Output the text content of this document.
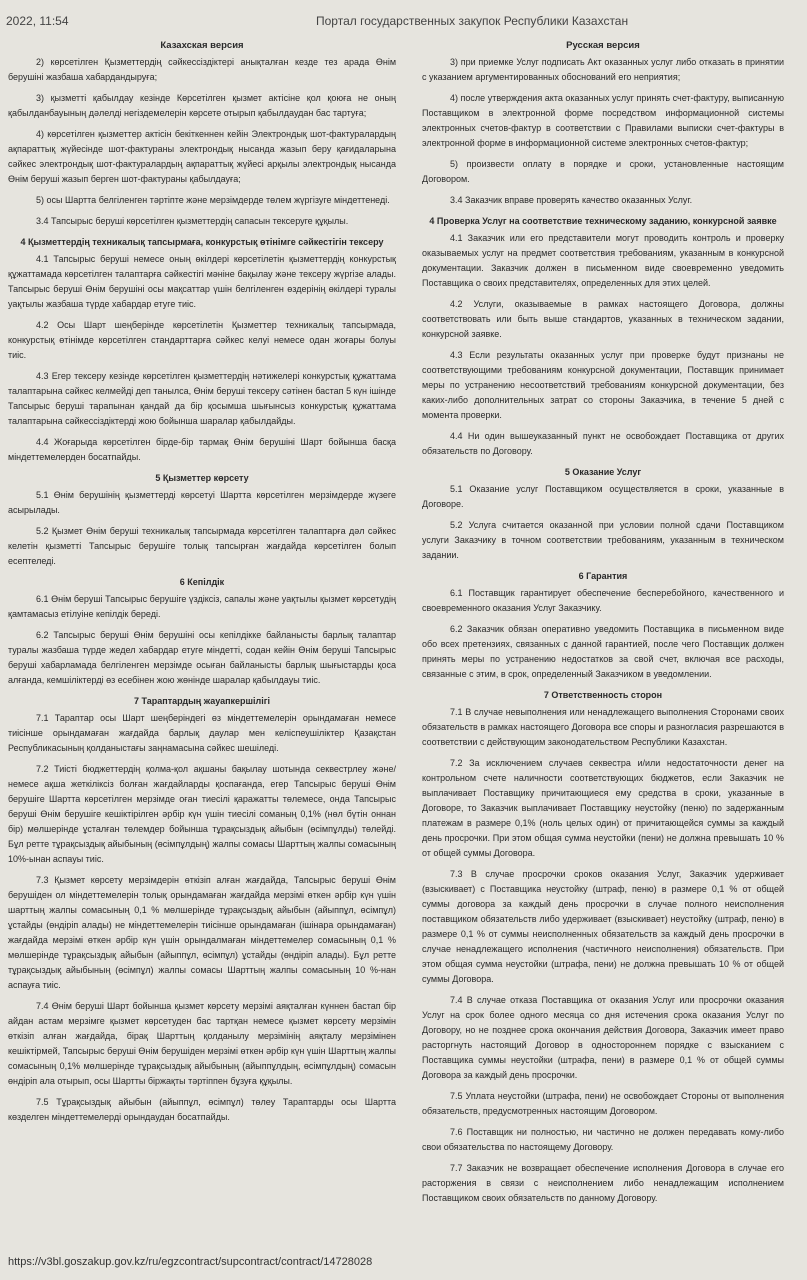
2022, 11:54	Портал государственных закупок Республики Казахстан
Казахская версия

2) көрсетілген Қызметтердің сәйкессіздіктері анықталған кезде тез арада Өнім берушіні жазбаша хабардандыруға;

3) қызметті қабылдау кезінде Көрсетілген қызмет актісіне қол қоюға не оның қабылданбауының дәлелді негіздемелерін көрсете отырып қабылдаудан бас тартуға;

4) көрсетілген қызметтер актісін бекіткеннен кейін Электрондық шот-фактуралардың ақпараттық жүйесінде шот-фактураны электрондық нысанда жазып беру қағидаларына сәйкес электрондық шот-фактуралардың ақпараттық жүйесі арқылы электрондық нысанда Өнім беруші жазып берген шот-фактураны қабылдауға;

5) осы Шартта белгіленген тәртіпте және мерзімдерде төлем жүргізуге міндеттенеді.

3.4 Тапсырыс беруші көрсетілген қызметтердің сапасын тексеруге құқылы.

4 Қызметтердің техникалық тапсырмаға, конкурстық өтінімге сәйкестігін тексеру

4.1 Тапсырыс беруші немесе оның өкілдері көрсетілетін қызметтердің конкурстық құжаттамада көрсетілген талаптарға сәйкестігі мәніне бақылау және тексеру жүргізе алады. Тапсырыс беруші Өнім берушіні осы мақсаттар үшін белгіленген өздерінің өкілдері туралы уақтылы жазбаша түрде хабардар етуге тиіс.

4.2 Осы Шарт шеңберінде көрсетілетін Қызметтер техникалық тапсырмада, конкурстық өтінімде көрсетілген стандарттарға сәйкес келуі немесе одан жоғары болуы тиіс.

4.3 Егер тексеру кезінде көрсетілген қызметтердің нәтижелері конкурстық құжаттама талаптарына сәйкес келмейді деп танылса, Өнім беруші тексеру сәтінен бастап 5 күн ішінде Тапсырыс беруші тарапынан қандай да бір қосымша шығынсыз конкурстық құжаттама талаптарына сәйкессіздіктерді жою бойынша шаралар қабылдайды.

4.4 Жоғарыда көрсетілген бірде-бір тармақ Өнім берушіні Шарт бойынша басқа міндеттемелерден босатпайды.

5 Қызметтер көрсету

5.1 Өнім берушінің қызметтерді көрсетуі Шартта көрсетілген мерзімдерде жүзеге асырылады.

5.2 Қызмет Өнім беруші техникалық тапсырмада көрсетілген талаптарға дәл сәйкес келетін қызметті Тапсырыс берушіге толық тапсырған жағдайда көрсетілген болып есептеледі.

6 Кепілдік

6.1 Өнім беруші Тапсырыс берушіге үздіксіз, сапалы және уақтылы қызмет көрсетудің қамтамасыз етілуіне кепілдік береді.

6.2 Тапсырыс беруші Өнім берушіні осы кепілдікке байланысты барлық талаптар туралы жазбаша түрде жедел хабардар етуге міндетті, содан кейін Өнім беруші Тапсырыс беруші хабарламада белгіленген мерзімде осыған байланысты барлық шығыстарды қоса алғанда, кемшіліктерді өз есебінен жою жөнінде шаралар қабылдауы тиіс.

7 Тараптардың жауапкершілігі

7.1 Тараптар осы Шарт шеңберіндегі өз міндеттемелерін орындамаған немесе тиісінше орындамаған жағдайда барлық даулар мен келіспеушіліктер Қазақстан Республикасының қолданыстағы заңнамасына сәйкес шешіледі.

7.2 Тиісті бюджеттердің қолма-қол ақшаны бақылау шотында секвестрлеу және/немесе ақша жеткіліксіз болған жағдайларды қоспағанда, егер Тапсырыс беруші Өнім берушіге Шартта көрсетілген мерзімде оған тиесілі қаражатты төлемесе, онда Тапсырыс беруші Өнім берушіге кешіктірілген әрбір күн үшін тиесілі соманың 0,1% (нөл бүтін оннан бір) мөлшерінде ұсталған төлемдер бойынша тұрақсыздық айыбын (өсімпұлды) төлейді. Бұл ретте тұрақсыздық айыбының (өсімпұлдың) жалпы сомасы Шарттың жалпы сомасының 10%-ынан аспауы тиіс.

7.3 Қызмет көрсету мерзімдерін өткізіп алған жағдайда, Тапсырыс беруші Өнім берушіден ол міндеттемелерін толық орындамаған жағдайда мерзімі өткен әрбір күн үшін шарттың жалпы сомасының 0,1 % мөлшерінде тұрақсыздық айыбын (айыппұл, өсімпұл) ұстайды (өндіріп алады) не міндеттемелерін тиісінше орындамаған (ішінара орындамаған) жағдайда мерзімі өткен әрбір күн үшін орындалмаған міндеттемелер сомасының 0,1 % мөлшерінде тұрақсыздық айыбын (айыппұл, өсімпұл) ұстайды (өндіріп алады). Бұл ретте тұрақсыздық айыбының (өсімпұл) жалпы сомасы Шарттың жалпы сомасының 10 %-нан аспауға тиіс.

7.4 Өнім беруші Шарт бойынша қызмет көрсету мерзімі аяқталған күннен бастап бір айдан астам мерзімге қызмет көрсетуден бас тартқан немесе қызмет көрсету мерзімін өткізіп алған жағдайда, бірақ Шарттың қолданылу мерзімінің аяқталу мерзімінен кешіктірмей, Тапсырыс беруші Өнім берушіден мерзімі өткен әрбір күн үшін Шарттың жалпы сомасының 0,1% мөлшерінде тұрақсыздық айыбының (айыппұлдың, өсімпұлдың) сомасын өндіріп ала отырып, осы Шартты біржақты тәртіппен бұзуға құқылы.

7.5 Тұрақсыздық айыбын (айыппұл, өсімпұл) төлеу Тараптарды осы Шартта көзделген міндеттемелерді орындаудан босатпайды.

Русская версия

3) при приемке Услуг подписать Акт оказанных услуг либо отказать в принятии с указанием аргументированных обоснований его неприятия;

4) после утверждения акта оказанных услуг принять счет-фактуру, выписанную Поставщиком в электронной форме посредством информационной системы электронных счетов-фактур в соответствии с Правилами выписки счет-фактуры в электронной форме в информационной системе электронных счетов-фактур;

5) произвести оплату в порядке и сроки, установленные настоящим Договором.

3.4 Заказчик вправе проверять качество оказанных Услуг.

4 Проверка Услуг на соответствие техническому заданию, конкурсной заявке

4.1 Заказчик или его представители могут проводить контроль и проверку оказываемых услуг на предмет соответствия требованиям, указанным в конкурсной документации. Заказчик должен в письменном виде своевременно уведомить Поставщика о своих представителях, определенных для этих целей.

4.2 Услуги, оказываемые в рамках настоящего Договора, должны соответствовать или быть выше стандартов, указанных в техническом задании, конкурсной заявке.

4.3 Если результаты оказанных услуг при проверке будут признаны не соответствующими требованиям конкурсной документации, Поставщик принимает меры по устранению несоответствий требованиям конкурсной документации, без каких-либо дополнительных затрат со стороны Заказчика, в течение 5 дней с момента проверки.

4.4 Ни один вышеуказанный пункт не освобождает Поставщика от других обязательств по Договору.

5 Оказание Услуг

5.1 Оказание услуг Поставщиком осуществляется в сроки, указанные в Договоре.

5.2 Услуга считается оказанной при условии полной сдачи Поставщиком услуги Заказчику в точном соответствии требованиям, указанным в техническом задании.

6 Гарантия

6.1 Поставщик гарантирует обеспечение бесперебойного, качественного и своевременного оказания Услуг Заказчику.

6.2 Заказчик обязан оперативно уведомить Поставщика в письменном виде обо всех претензиях, связанных с данной гарантией, после чего Поставщик должен принять меры по устранению недостатков за свой счет, включая все расходы, связанные с этим, в срок, определенный Заказчиком в уведомлении.

7 Ответственность сторон

7.1 В случае невыполнения или ненадлежащего выполнения Сторонами своих обязательств в рамках настоящего Договора все споры и разногласия разрешаются в соответствии с действующим законодательством Республики Казахстан.

7.2 За исключением случаев секвестра и/или недостаточности денег на контрольном счете наличности соответствующих бюджетов, если Заказчик не выплачивает Поставщику причитающиеся ему средства в сроки, указанные в Договоре, то Заказчик выплачивает Поставщику неустойку (пеню) по задержанным платежам в размере 0,1% (ноль целых один) от причитающейся суммы за каждый день просрочки. При этом общая сумма неустойки (пени) не должна превышать 10 % от общей суммы Договора.

7.3 В случае просрочки сроков оказания Услуг, Заказчик удерживает (взыскивает) с Поставщика неустойку (штраф, пеню) в размере 0,1 % от общей суммы договора за каждый день просрочки в случае полного неисполнения поставщиком обязательств либо удерживает (взыскивает) неустойку (штраф, пеню) в размере 0,1 % от суммы неисполненных обязательств за каждый день просрочки в случае ненадлежащего исполнения (частичного неисполнения) обязательств. При этом общая сумма неустойки (штрафа, пени) не должна превышать 10 % от общей суммы Договора.

7.4 В случае отказа Поставщика от оказания Услуг или просрочки оказания Услуг на срок более одного месяца со дня истечения срока оказания Услуг по Договору, но не позднее срока окончания действия Договора, Заказчик имеет право расторгнуть настоящий Договор в одностороннем порядке с взысканием с Поставщика суммы неустойки (штрафа, пени) в размере 0,1 % от общей суммы Договора за каждый день просрочки.

7.5 Уплата неустойки (штрафа, пени) не освобождает Стороны от выполнения обязательств, предусмотренных настоящим Договором.

7.6 Поставщик ни полностью, ни частично не должен передавать кому-либо свои обязательства по настоящему Договору.

7.7 Заказчик не возвращает обеспечение исполнения Договора в случае его расторжения в связи с неисполнением либо ненадлежащим исполнением Поставщиком своих обязательств по данному Договору.

https://v3bl.goszakup.gov.kz/ru/egzcontract/supcontract/contract/14728028
